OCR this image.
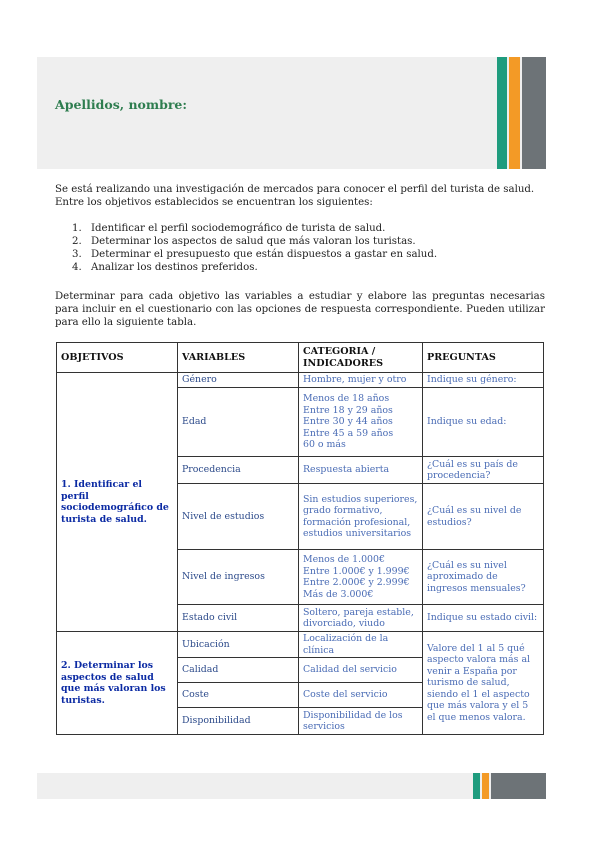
Apellidos, nombre:

Se está realizando una investigación de mercados para conocer el perfil del turista de salud.

Entre los objetivos establecidos se encuentran los siguientes:

1. Identificar el perfil sociodemográfico de turista de salud.
2. Determinar los aspectos de salud que más valoran los turistas.
3. Determinar el presupuesto que están dispuestos a gastar en salud.
4. Analizar los destinos preferidos.

Determinar para cada objetivo las variables a estudiar y elabore las preguntas necesarias para incluir en el cuestionario con las opciones de respuesta correspondiente. Pueden utilizar para ello la siguiente tabla.

OBJETIVOS	VARIABLES	CATEGORIA / INDICADORES	PREGUNTAS
1. Identificar el perfil sociodemográfico de turista de salud.	Género	Hombre, mujer y otro	Indique su género:
	Edad	Menos de 18 años
Entre 18 y 29 años
Entre 30 y 44 años
Entre 45 a 59 años
60 o más	Indique su edad:
	Procedencia	Respuesta abierta	¿Cuál es su país de procedencia?
	Nivel de estudios	Sin estudios superiores, grado formativo, formación profesional, estudios universitarios	¿Cuál es su nivel de estudios?
	Nivel de ingresos	Menos de 1.000€
Entre 1.000€ y 1.999€
Entre 2.000€ y 2.999€
Más de 3.000€	¿Cuál es su nivel aproximado de ingresos mensuales?
	Estado civil	Soltero, pareja estable, divorciado, viudo	Indique su estado civil:
2. Determinar los aspectos de salud que más valoran los turistas.	Ubicación	Localización de la clínica	Valore del 1 al 5 qué aspecto valora más al venir a España por turismo de salud, siendo el 1 el aspecto que más valora y el 5 el que menos valora.
	Calidad	Calidad del servicio	
	Coste	Coste del servicio	
	Disponibilidad	Disponibilidad de los servicios	
